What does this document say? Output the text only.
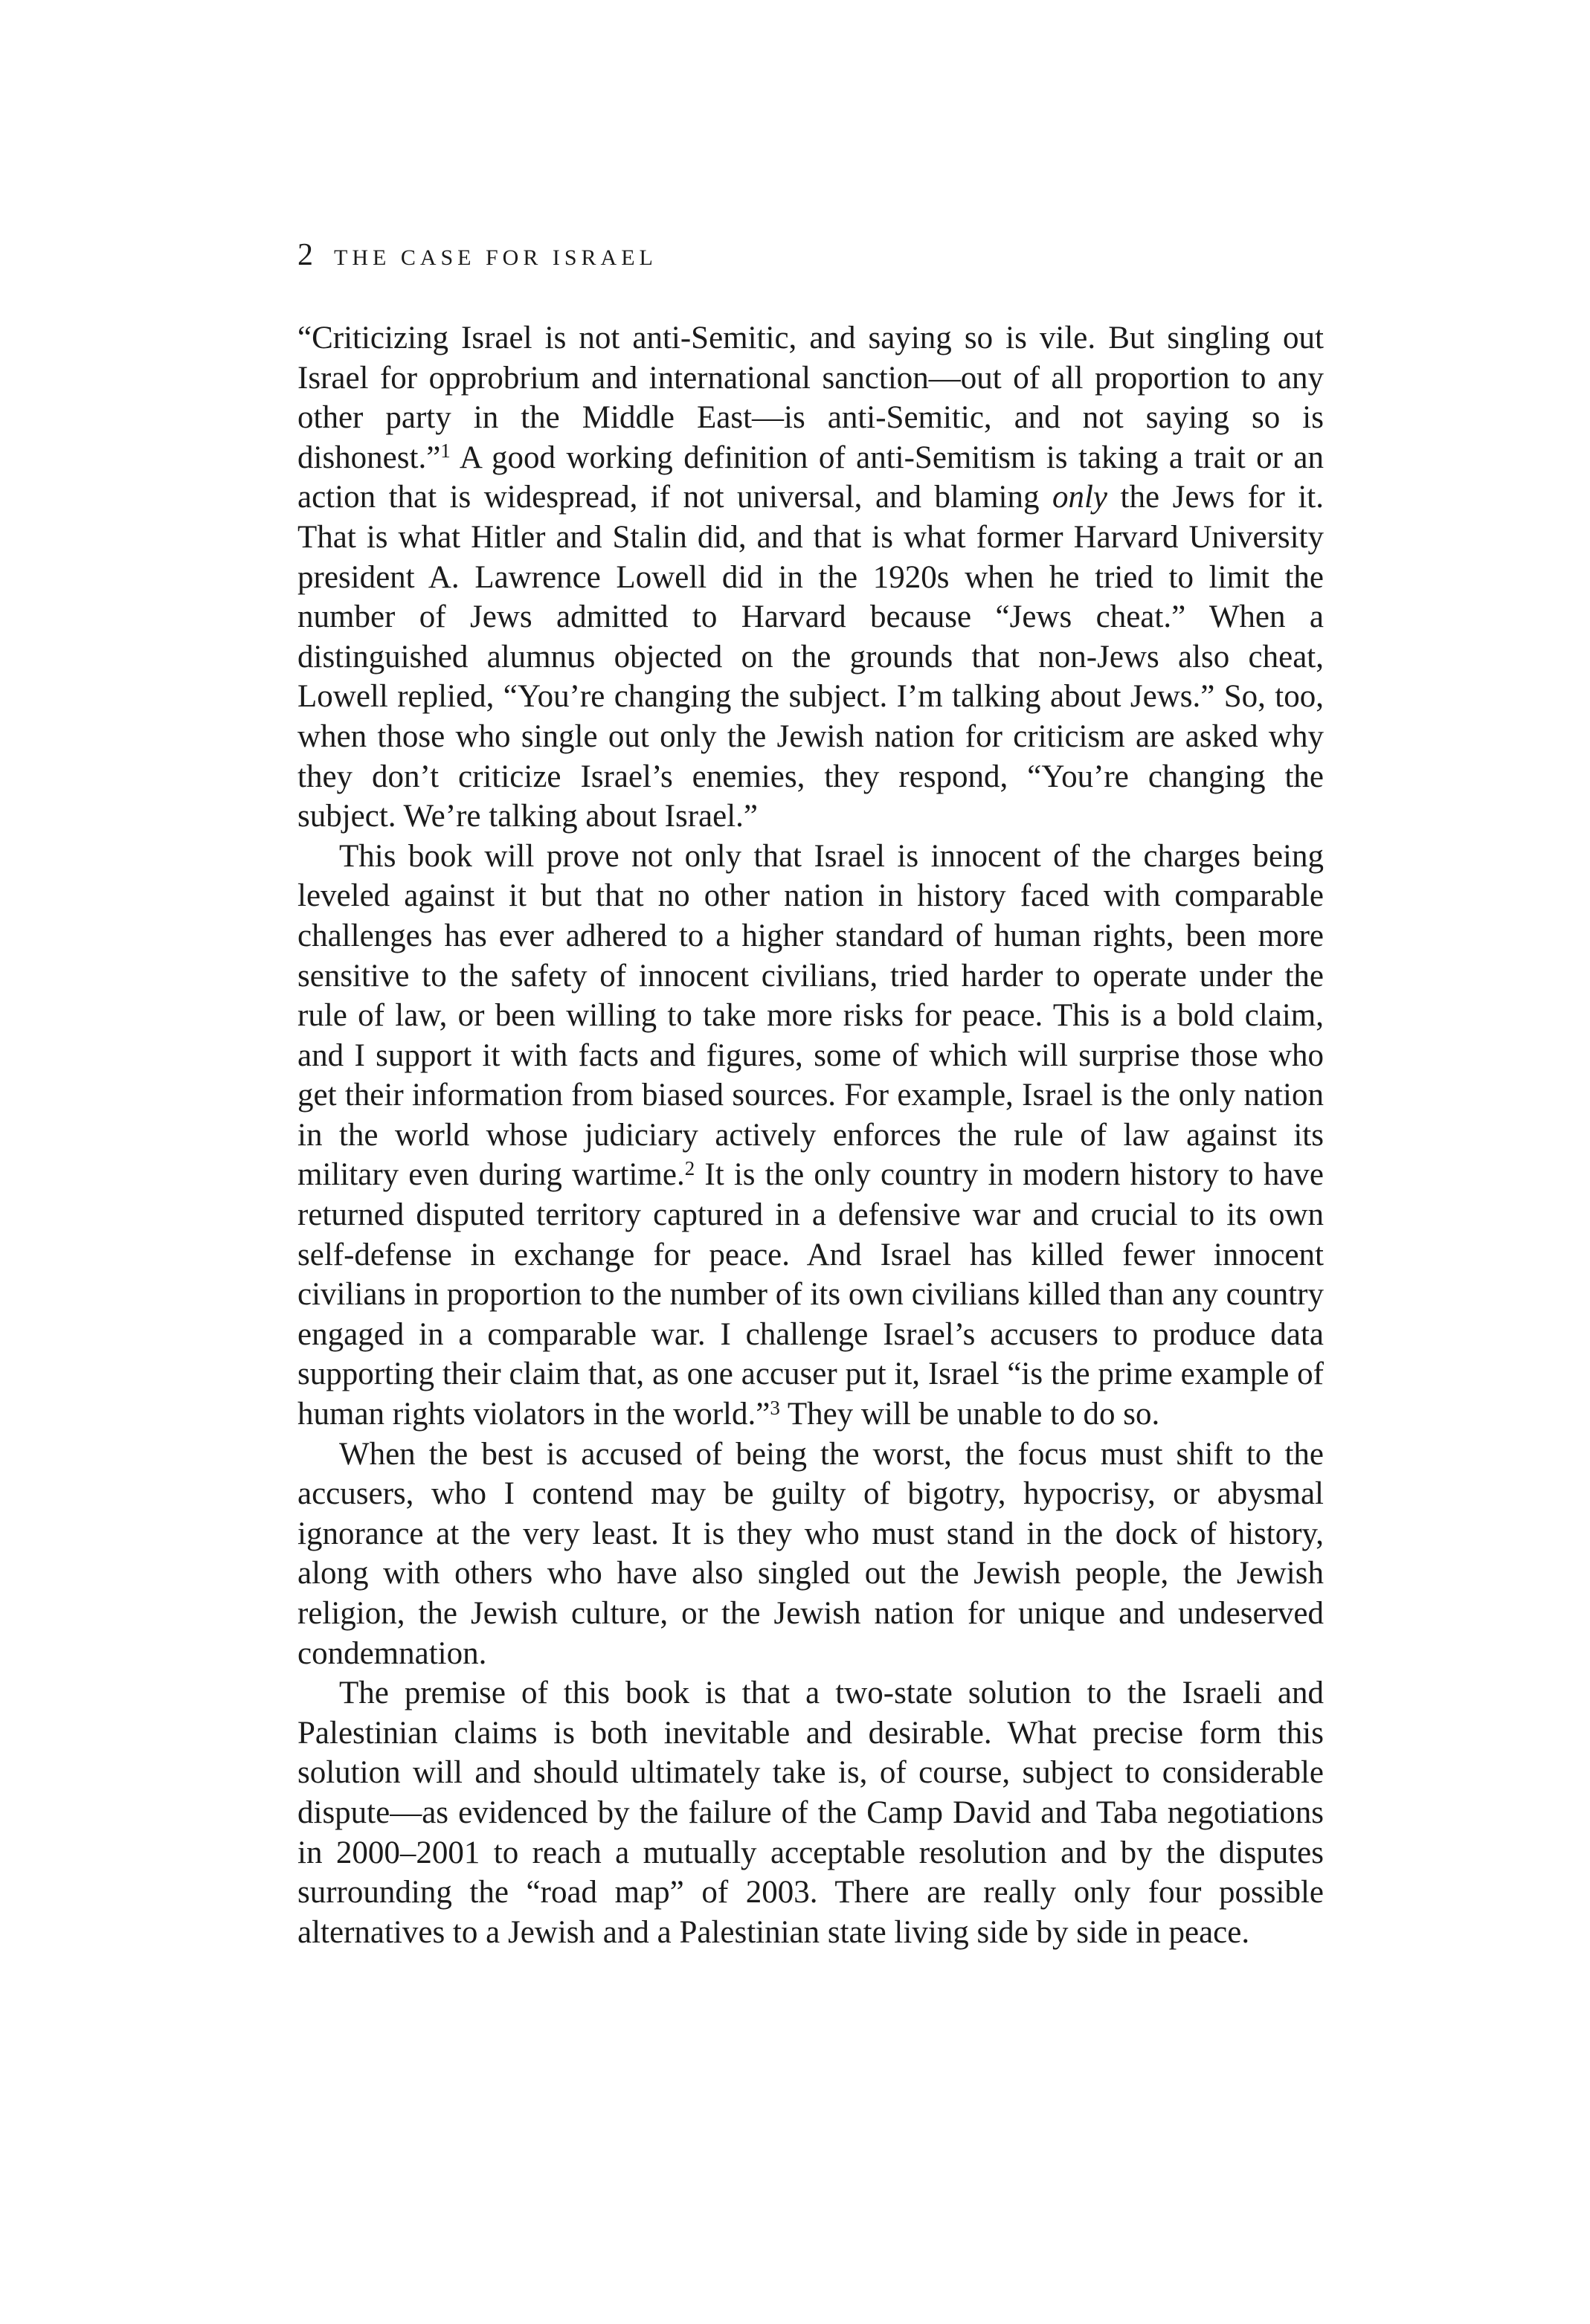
2 THE CASE FOR ISRAEL

“Criticizing Israel is not anti-Semitic, and saying so is vile. But singling out Israel for opprobrium and international sanction—out of all proportion to any other party in the Middle East—is anti-Semitic, and not saying so is dishonest.”$^1$ A good working definition of anti-Semitism is taking a trait or an action that is widespread, if not universal, and blaming only the Jews for it. That is what Hitler and Stalin did, and that is what former Harvard University president A. Lawrence Lowell did in the 1920s when he tried to limit the number of Jews admitted to Harvard because “Jews cheat.” When a distinguished alumnus objected on the grounds that non-Jews also cheat, Lowell replied, “You’re changing the subject. I’m talking about Jews.” So, too, when those who single out only the Jewish nation for criticism are asked why they don’t criticize Israel’s enemies, they respond, “You’re changing the subject. We’re talking about Israel.”

This book will prove not only that Israel is innocent of the charges being leveled against it but that no other nation in history faced with comparable challenges has ever adhered to a higher standard of human rights, been more sensitive to the safety of innocent civilians, tried harder to operate under the rule of law, or been willing to take more risks for peace. This is a bold claim, and I support it with facts and figures, some of which will surprise those who get their information from biased sources. For example, Israel is the only nation in the world whose judiciary actively enforces the rule of law against its military even during wartime.$^2$ It is the only country in modern history to have returned disputed territory captured in a defensive war and crucial to its own self-defense in exchange for peace. And Israel has killed fewer innocent civilians in proportion to the number of its own civilians killed than any country engaged in a comparable war. I challenge Israel’s accusers to produce data supporting their claim that, as one accuser put it, Israel “is the prime example of human rights violators in the world.”$^3$ They will be unable to do so.

When the best is accused of being the worst, the focus must shift to the accusers, who I contend may be guilty of bigotry, hypocrisy, or abysmal ignorance at the very least. It is they who must stand in the dock of history, along with others who have also singled out the Jewish people, the Jewish religion, the Jewish culture, or the Jewish nation for unique and undeserved condemnation.

The premise of this book is that a two-state solution to the Israeli and Palestinian claims is both inevitable and desirable. What precise form this solution will and should ultimately take is, of course, subject to considerable dispute—as evidenced by the failure of the Camp David and Taba negotiations in 2000–2001 to reach a mutually acceptable resolution and by the disputes surrounding the “road map” of 2003. There are really only four possible alternatives to a Jewish and a Palestinian state living side by side in peace.
